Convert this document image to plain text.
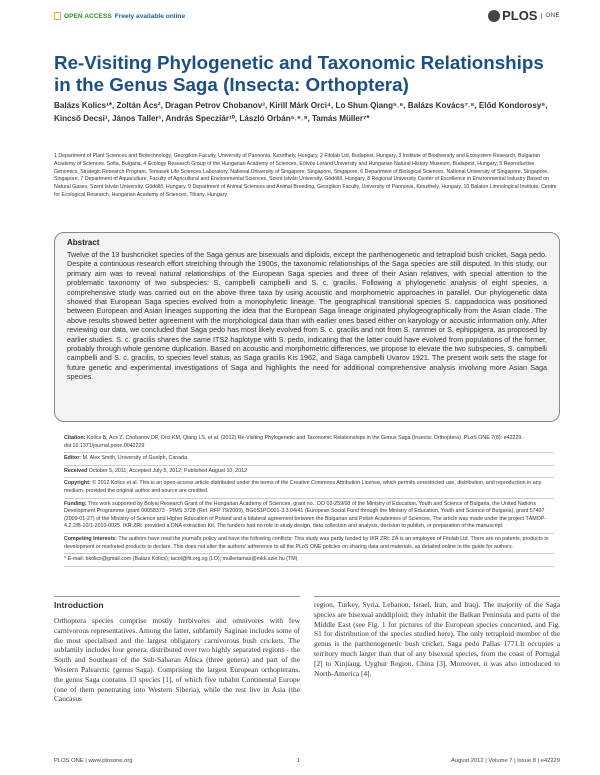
OPEN ACCESS Freely available online	PLOS	ONE
Re-Visiting Phylogenetic and Taxonomic Relationships in the Genus Saga (Insecta: Orthoptera)
Balázs Kolics¹*, Zoltán Ács², Dragan Petrov Chobanov³, Kirill Márk Orci⁴, Lo Shun Qiang⁵˒⁶, Balázs Kovács⁷˒⁸, Előd Kondorosy⁹, Kincső Decsi¹, János Taller¹, András Specziár¹⁰, László Orbán⁵˒⁶˒⁹, Tamás Müller⁷*
1 Department of Plant Sciences and Biotechnology, Georgikon Faculty, University of Pannonia, Keszthely, Hungary, 2 Fitolab Ltd, Budapest, Hungary, 3 Institute of Biodiversity and Ecosystem Research, Bulgarian Academy of Sciences, Sofia, Bulgaria, 4 Ecology Research Group of the Hungarian Academy of Sciences, Eötvös Loránd University and Hungarian Natural History Museum, Budapest, Hungary, 5 Reproductive Genomics, Strategic Research Program, Temasek Life Sciences Laboratory, National University of Singapore, Singapore, Singapore, 6 Department of Biological Sciences, National University of Singapore, Singapore, Singapore, 7 Department of Aquaculture, Faculty of Agricultural and Environmental Sciences, Szent István University, Gödöllő, Hungary, 8 Regional University Center of Excellence in Environmental Industry Based on Natural Gases, Szent István University, Gödöllő, Hungary, 9 Department of Animal Sciences and Animal Breeding, Georgikon Faculty, University of Pannonia, Keszthely, Hungary, 10 Balaton Limnological Institute, Centre for Ecological Research, Hungarian Academy of Sciences, Tihany, Hungary
Abstract

Twelve of the 13 bushcricket species of the Saga genus are bisexuals and diploids, except the parthenogenetic and tetraploid bush cricket, Saga pedo. Despite a continuous research effort stretching through the 1900s, the taxonomic relationships of the Saga species are still disputed. In this study, our primary aim was to reveal natural relationships of the European Saga species and three of their Asian relatives, with special attention to the problematic taxonomy of two subspecies: S. campbelli campbelli and S. c. gracilis. Following a phylogenetic analysis of eight species, a comprehensive study was carried out on the above three taxa by using acoustic and morphometric approaches in parallel. Our phylogenetic data showed that European Saga species evolved from a monophyletic lineage. The geographical transitional species S. cappadocica was positioned between European and Asian lineages supporting the idea that the European Saga lineage originated phylogeographically from the Asian clade. The above results showed better agreement with the morphological data than with earlier ones based either on karyology or acoustic information only. After reviewing our data, we concluded that Saga pedo has most likely evolved from S. c. gracilis and not from S. rammei or S. ephippigera, as proposed by earlier studies. S. c. gracilis shares the same ITS2 haplotype with S. pedo, indicating that the latter could have evolved from populations of the former, probably through whole genome duplication. Based on acoustic and morphometric differences, we propose to elevate the two subspecies, S. campbelli campbelli and S. c. gracilis, to species level status, as Saga gracilis Kis 1962, and Saga campbelli Uvarov 1921. The present work sets the stage for future genetic and experimental investigations of Saga and highlights the need for additional comprehensive analysis involving more Asian Saga species.

Citation: Kolics B, Ács Z, Chobanov DP, Orci KM, Qiang LS, et al. (2012) Re-Visiting Phylogenetic and Taxonomic Relationships in the Genus Saga (Insecta: Orthoptera). PLoS ONE 7(8): e42229. doi:10.1371/journal.pone.0042229
Editor: M. Alex Smith, University of Guelph, Canada
Received October 5, 2011; Accepted July 5, 2012; Published August 10, 2012
Copyright: © 2012 Kolics et al. This is an open-access article distributed under the terms of the Creative Commons Attribution License, which permits unrestricted use, distribution, and reproduction in any medium, provided the original author and source are credited.
Funding: This work supported by Bolyai Research Grant of the Hungarian Academy of Sciences, grant no.: DO 02-259/08 of the Ministry of Education, Youth and Science of Bulgaria, the United Nations Development Programme (grant 00058373 - PIMS 3728 (Ref. RFP 79/2009), BG0S1PO001-3.3.04/41 (European Social Fund through the Ministry of Education, Youth and Science of Bulgaria), grant 57497 (2009-01-27) of the Ministry of Science and Higher Education of Poland and a bilateral agreement between the Bulgarian and Polish Academies of Sciences. The article was made under the project TÁMOP-4.2.2/B-10/1-2010-0025. IKR ZRt. provided a DNA extraction Kit. The funders had no role in study design, data collection and analysis, decision to publish, or preparation of the manuscript.
Competing Interests: The authors have read the journal's policy and have the following conflicts: This study was partly funded by IKR ZRt. ZÁ is an employee of Fitolab Ltd. There are no patents, products in development or marketed products to declare. This does not alter the authors' adherence to all the PLoS ONE policies on sharing data and materials, as detailed online in the guide for authors.
* E-mail: bkolics@gmail.com (Balázs Kolics); tacol@fit.org.sg (LO); mullertamas@mkk.szie.hu (TM)
Introduction
Orthoptera species comprise mostly herbivores and omnivores with few carnivorous representatives. Among the latter, subfamily Saginae includes some of the most specialised and the largest obligatory carnivorous bush crickets. The subfamily includes four genera, distributed over two highly separated regions - the South and Southeast of the Sub-Saharan Africa (three genera) and part of the Western Palearctic (genus Saga). Comprising the largest European orthopterans, the genus Saga contains 13 species [1], of which five inhabit Continental Europe (one of them penetrating into Western Siberia), while the rest live in Asia (the Caucasus
region, Turkey, Syria, Lebanon, Israel, Iran, and Iraq). The majority of the Saga species are bisexual anddiploid; they inhabit the Balkan Peninsula and parts of the Middle East (see Fig. 1 for pictures of the European species concerned, and Fig. S1 for distribution of the species studied here). The only tetraploid member of the genus is the parthenogenetic bush cricket, Saga pedo Pallas 1771.It occupies a territory much larger than that of any bisexual species, from the coast of Portugal [2] to Xinjiang, Uyghur Region, China [3]. Moreover, it was also introduced to North-America [4].
PLOS ONE | www.plosone.org	1	August 2012 | Volume 7 | Issue 8 | e42229
